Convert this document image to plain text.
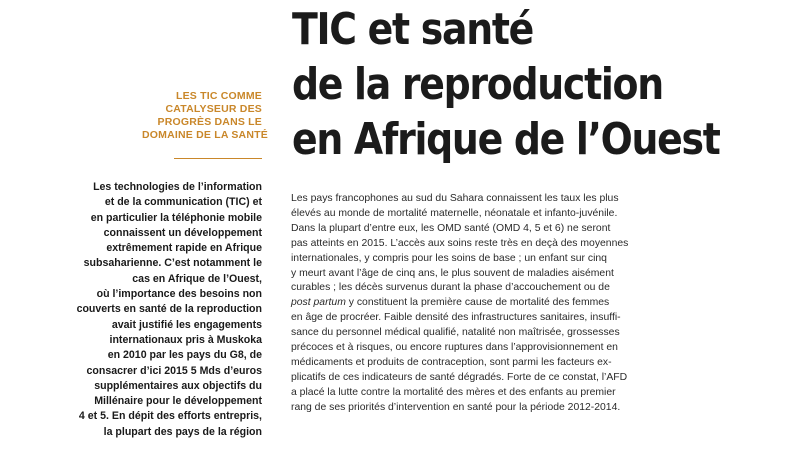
TIC et santé
de la reproduction
en Afrique de l’Ouest
LES TIC COMME
CATALYSEUR DES
PROGRÈS DANS LE
DOMAINE DE LA SANTÉ
Les technologies de l’information
et de la communication (TIC) et
en particulier la téléphonie mobile
connaissent un développement
extrêmement rapide en Afrique
subsaharienne. C’est notamment le
cas en Afrique de l’Ouest,
où l’importance des besoins non
couverts en santé de la reproduction
avait justifié les engagements
internationaux pris à Muskoka
en 2010 par les pays du G8, de
consacrer d’ici 2015 5 Mds d’euros
supplémentaires aux objectifs du
Millénaire pour le développement
4 et 5. En dépit des efforts entrepris,
la plupart des pays de la région
Les pays francophones au sud du Sahara connaissent les taux les plus
élevés au monde de mortalité maternelle, néonatale et infanto-juvénile.
Dans la plupart d’entre eux, les OMD santé (OMD 4, 5 et 6) ne seront
pas atteints en 2015. L’accès aux soins reste très en deçà des moyennes
internationales, y compris pour les soins de base ; un enfant sur cinq
y meurt avant l’âge de cinq ans, le plus souvent de maladies aisément
curables ; les décès survenus durant la phase d’accouchement ou de
post partum y constituent la première cause de mortalité des femmes
en âge de procréer. Faible densité des infrastructures sanitaires, insuffi-
sance du personnel médical qualifié, natalité non maîtrisée, grossesses
précoces et à risques, ou encore ruptures dans l’approvisionnement en
médicaments et produits de contraception, sont parmi les facteurs ex-
plicatifs de ces indicateurs de santé dégradés. Forte de ce constat, l’AFD
a placé la lutte contre la mortalité des mères et des enfants au premier
rang de ses priorités d’intervention en santé pour la période 2012-2014.
